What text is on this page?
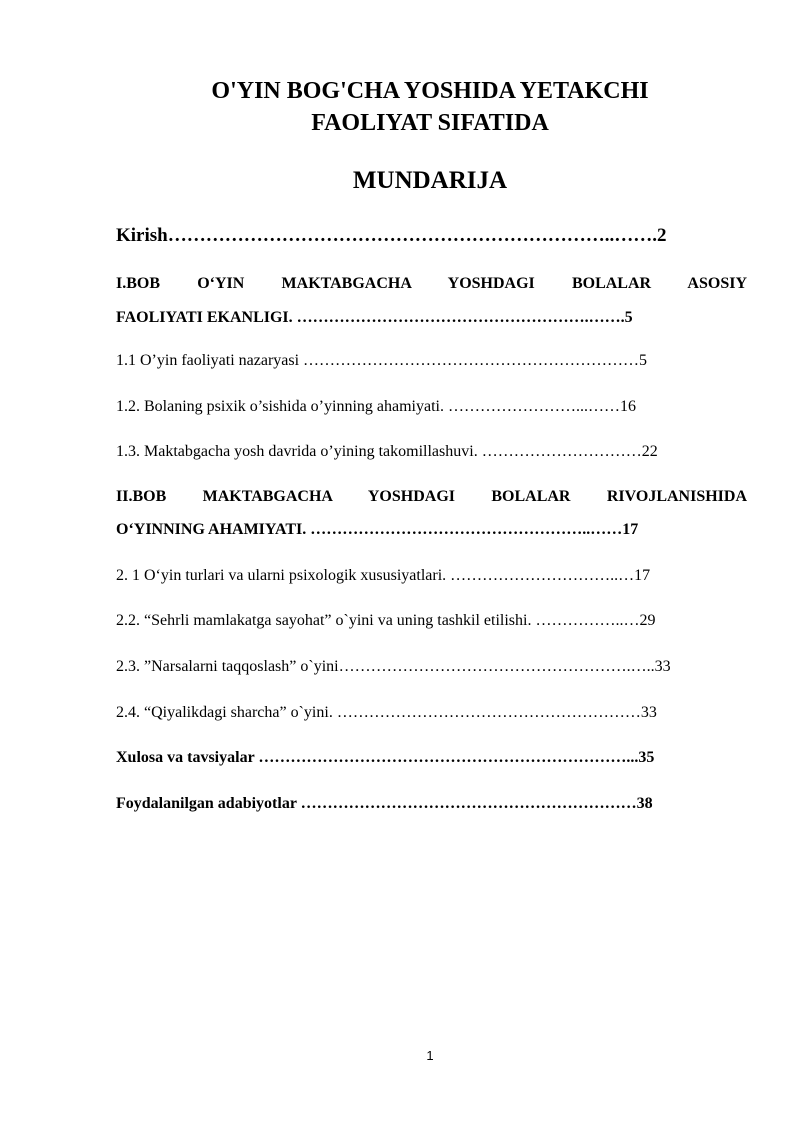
O'YIN BOG'CHA YOSHIDA YETAKCHI
FAOLIYAT SIFATIDA
MUNDARIJA
Kirish……………………………………………………………..…….2
I.BOB O‘YIN MAKTABGACHA YOSHDAGI BOLALAR ASOSIY
FAOLIYATI EKANLIGI. ……………………………………………….…….5
1.1 O’yin faoliyati nazaryasi ………………………………………………………5
1.2. Bolaning psixik o’sishida o’yinning ahamiyati. ……………………...……16
1.3. Maktabgacha yosh davrida o’yining takomillashuvi. …………………………22
II.BOB MAKTABGACHA YOSHDAGI BOLALAR RIVOJLANISHIDA
O‘YINNING AHAMIYATI. ……………………………………………..……17
2. 1 O‘yin turlari va ularni psixologik xususiyatlari. …………………………..…17
2.2. “Sehrli mamlakatga sayohat” o`yini va uning tashkil etilishi. ……………..…29
2.3. ”Narsalarni taqqoslash” o`yini……………………………………………….…..33
2.4. “Qiyalikdagi sharcha” o`yini. …………………………………………………33
Xulosa va tavsiyalar ……………………………………………………………...35
Foydalanilgan adabiyotlar ………………………………………………………38
1
